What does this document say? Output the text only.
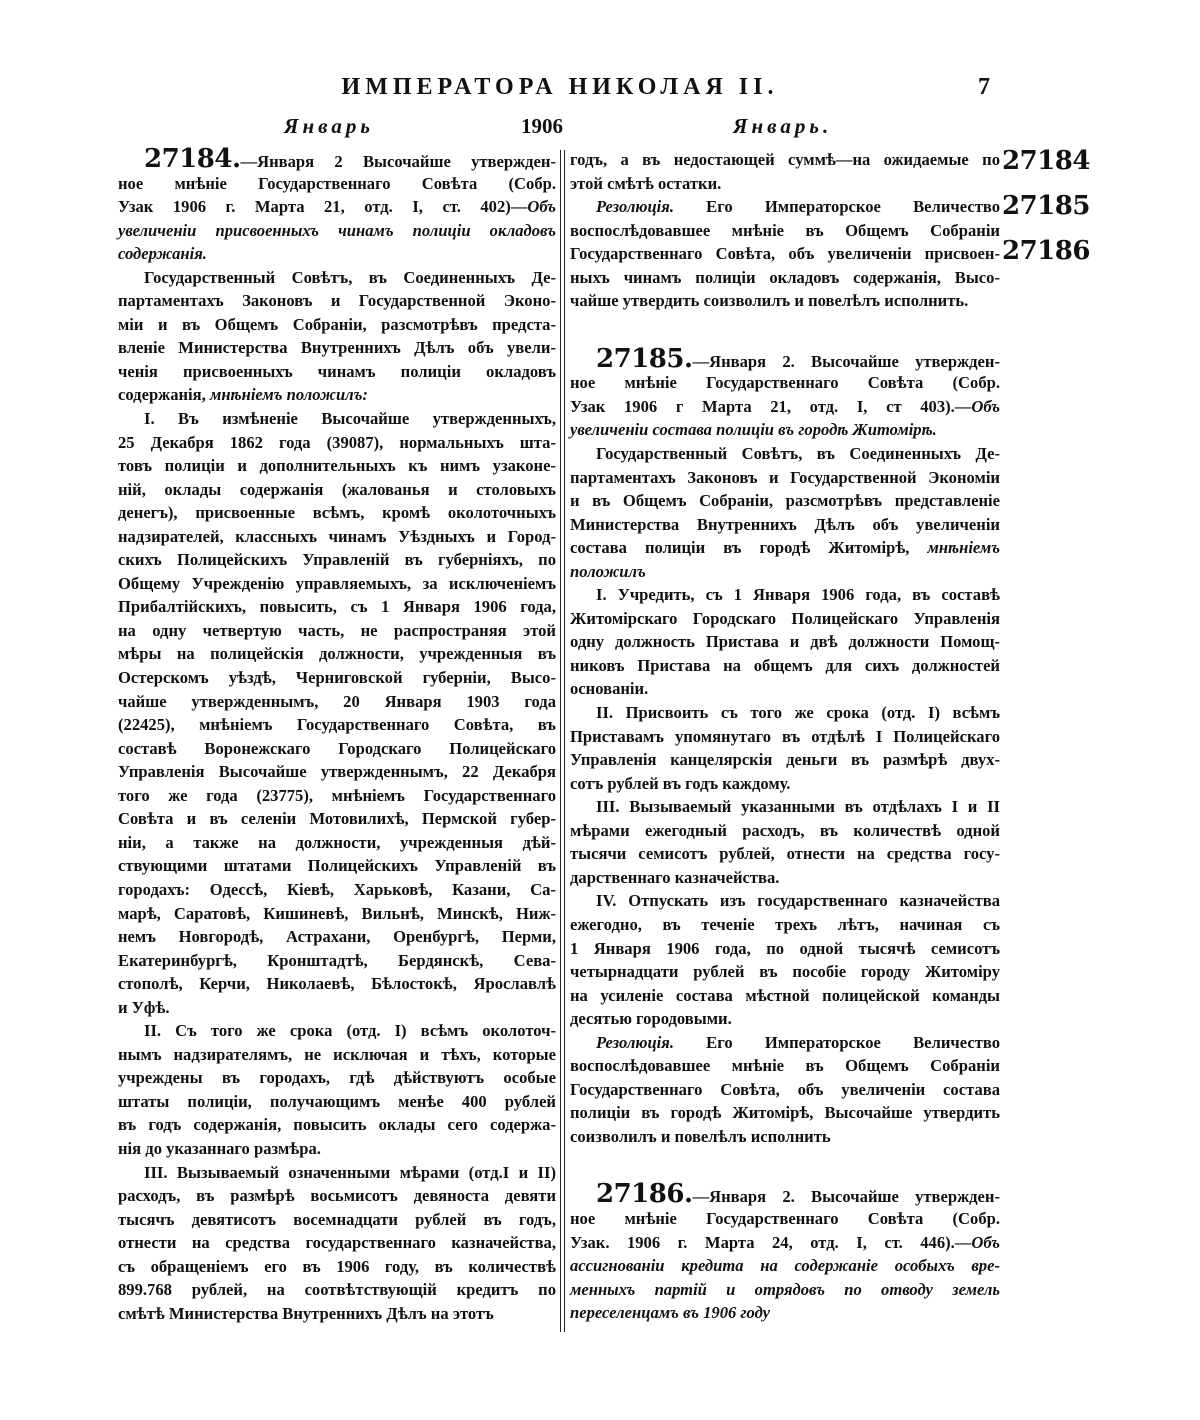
ИМПЕРАТОРА НИКОЛАЯ II.	7
Январь	1906	Январь.
27184.—Января 2 Высочайше утвержден-
ное мнѣніе Государственнаго Совѣта (Собр.
Узак 1906 г. Марта 21, отд. I, ст. 402)—Объ
увеличеніи присвоенныхъ чинамъ полиціи окладовъ
содержанія.
Государственный Совѣтъ, въ Соединенныхъ Де-
партаментахъ Законовъ и Государственной Эконо-
міи и въ Общемъ Собраніи, разсмотрѣвъ предста-
вленіе Министерства Внутреннихъ Дѣлъ объ увели-
ченія присвоенныхъ чинамъ полиціи окладовъ
содержанія, мнѣніемъ положилъ:
I. Въ измѣненіе Высочайше утвержденныхъ,
25 Декабря 1862 года (39087), нормальныхъ шта-
товъ полиціи и дополнительныхъ къ нимъ узаконе-
ній, оклады содержанія (жалованья и столовыхъ
денегъ), присвоенные всѣмъ, кромѣ околоточныхъ
надзирателей, классныхъ чинамъ Уѣздныхъ и Город-
скихъ Полицейскихъ Управленій въ губерніяхъ, по
Общему Учрежденію управляемыхъ, за исключеніемъ
Прибалтійскихъ, повысить, съ 1 Января 1906 года,
на одну четвертую часть, не распространяя этой
мѣры на полицейскія должности, учрежденныя въ
Остерскомъ уѣздѣ, Черниговской губерніи, Высо-
чайше утвержденнымъ, 20 Января 1903 года
(22425), мнѣніемъ Государственнаго Совѣта, въ
составѣ Воронежскаго Городскаго Полицейскаго
Управленія Высочайше утвержденнымъ, 22 Декабря
того же года (23775), мнѣніемъ Государственнаго
Совѣта и въ селеніи Мотовилихѣ, Пермской губер-
ніи, а также на должности, учрежденныя дѣй-
ствующими штатами Полицейскихъ Управленій въ
городахъ: Одессѣ, Кіевѣ, Харьковѣ, Казани, Са-
марѣ, Саратовѣ, Кишиневѣ, Вильнѣ, Минскѣ, Ниж-
немъ Новгородѣ, Астрахани, Оренбургѣ, Перми,
Екатеринбургѣ, Кронштадтѣ, Бердянскѣ, Сева-
стополѣ, Керчи, Николаевѣ, Бѣлостокѣ, Ярославлѣ
и Уфѣ.
II. Съ того же срока (отд. I) всѣмъ околоточ-
нымъ надзирателямъ, не исключая и тѣхъ, которые
учреждены въ городахъ, гдѣ дѣйствуютъ особые
штаты полиціи, получающимъ менѣе 400 рублей
въ годъ содержанія, повысить оклады сего содержа-
нія до указаннаго размѣра.
III. Вызываемый означенными мѣрами (отд.I и II)
расходъ, въ размѣрѣ восьмисотъ девяноста девяти
тысячъ девятисотъ восемнадцати рублей въ годъ,
отнести на средства государственнаго казначейства,
съ обращеніемъ его въ 1906 году, въ количествѣ
899.768 рублей, на соотвѣтствующій кредитъ по
смѣтѣ Министерства Внутреннихъ Дѣлъ на этотъ
годъ, а въ недостающей суммѣ—на ожидаемые по
этой смѣтѣ остатки.
Резолюція. Его Императорское Величество
воспослѣдовавшее мнѣніе въ Общемъ Собраніи
Государственнаго Совѣта, объ увеличеніи присвоен-
ныхъ чинамъ полиціи окладовъ содержанія, Высо-
чайше утвердить соизволилъ и повелѣлъ исполнить.
27185.—Января 2. Высочайше утвержден-
ное мнѣніе Государственнаго Совѣта (Собр.
Узак 1906 г Марта 21, отд. I, ст 403).—Объ
увеличеніи состава полиціи въ городѣ Житомірѣ.
Государственный Совѣтъ, въ Соединенныхъ Де-
партаментахъ Законовъ и Государственной Экономіи
и въ Общемъ Собраніи, разсмотрѣвъ представленіе
Министерства Внутреннихъ Дѣлъ объ увеличеніи
состава полиціи въ городѣ Житомірѣ, мнѣніемъ
положилъ
I. Учредить, съ 1 Января 1906 года, въ составѣ
Житомірскаго Городскаго Полицейскаго Управленія
одну должность Пристава и двѣ должности Помощ-
никовъ Пристава на общемъ для сихъ должностей
основаніи.
II. Присвоить съ того же срока (отд. I) всѣмъ
Приставамъ упомянутаго въ отдѣлѣ I Полицейскаго
Управленія канцелярскія деньги въ размѣрѣ двух-
сотъ рублей въ годъ каждому.
III. Вызываемый указанными въ отдѣлахъ I и II
мѣрами ежегодный расходъ, въ количествѣ одной
тысячи семисотъ рублей, отнести на средства госу-
дарственнаго казначейства.
IV. Отпускать изъ государственнаго казначейства
ежегодно, въ теченіе трехъ лѣтъ, начиная съ
1 Января 1906 года, по одной тысячѣ семисотъ
четырнадцати рублей въ пособіе городу Житоміру
на усиленіе состава мѣстной полицейской команды
десятью городовыми.
Резолюція. Его Императорское Величество
воспослѣдовавшее мнѣніе въ Общемъ Собраніи
Государственнаго Совѣта, объ увеличеніи состава
полиціи въ городѣ Житомірѣ, Высочайше утвердить
соизволилъ и повелѣлъ исполнить
27186.—Января 2. Высочайше утвержден-
ное мнѣніе Государственнаго Совѣта (Собр.
Узак. 1906 г. Марта 24, отд. I, ст. 446).—Объ
ассигнованіи кредита на содержаніе особыхъ вре-
менныхъ партій и отрядовъ по отводу земель
переселенцамъ въ 1906 году
27184
27185
27186
